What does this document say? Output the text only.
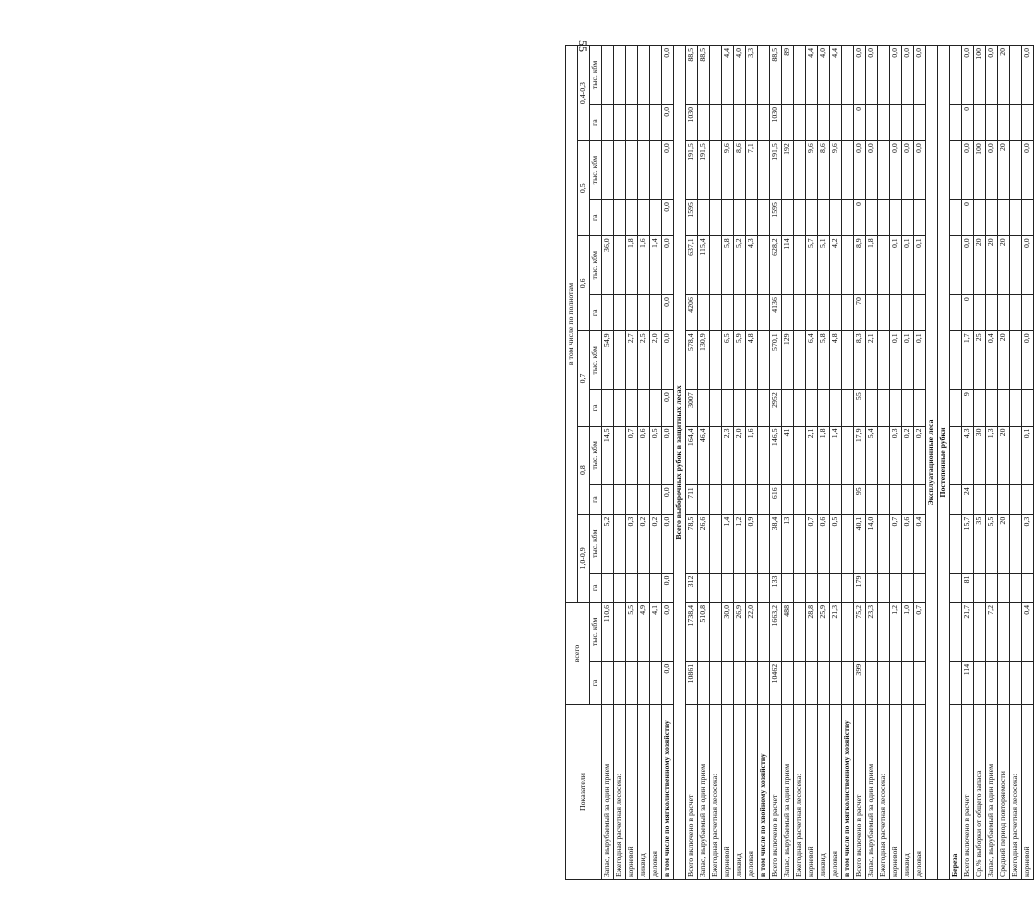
55
Показатели	всего		в том числе по полнотам											
			1,0-0,9		0,8		0,7		0,6		0,5		0,4-0,3	
	га	тыс. кбм	га	тыс. кбм	га	тыс. кбм	га	тыс. кбм	га	тыс. кбм	га	тыс. кбм	га	тыс. кбм
Запас, вырубаемый за один прием		110,6		5,2		14,5		54,9		36,0				
Ежегодная расчетная лесосека:														
корневой		5,5		0,3		0,7		2,7		1,8				
ликвид		4,9		0,2		0,6		2,5		1,6				
деловая		4,1		0,2		0,5		2,0		1,4				
в том числе по мягколиственному хозяйству	0,0	0,0	0,0	0,0	0,0	0,0	0,0	0,0	0,0	0,0	0,0	0,0	0,0	0,0
Всего выборочных рубок в защитных лесах														
Всего включено в расчет	10861	1738,4	312	78,5	711	164,4	3007	578,4	4206	637,1	1595	191,5	1030	88,5
Запас, вырубаемый за один прием		510,8		26,6		46,4		130,9		115,4		191,5		88,5
Ежегодная расчетная лесосека:														
корневой		30,0		1,4		2,3		6,5		5,8		9,6		4,4
ликвид		26,9		1,2		2,0		5,9		5,2		8,6		4,0
деловая		22,0		0,9		1,6		4,8		4,3		7,1		3,3
в том числе по хвойному хозяйству														
Всего включено в расчет	10462	1663,2	133	38,4	616	146,5	2952	570,1	4136	628,2	1595	191,5	1030	88,5
Запас, вырубаемый за один прием		488		13		41		129		114		192		89
Ежегодная расчетная лесосека:														
корневой		28,8		0,7		2,1		6,4		5,7		9,6		4,4
ликвид		25,9		0,6		1,8		5,8		5,1		8,6		4,0
деловая		21,3		0,5		1,4		4,8		4,2		9,6		4,4
в том числе по мягколиственному хозяйству														
Всего включено в расчет	399	75,2	179	40,1	95	17,9	55	8,3	70	8,9	0	0,0	0	0,0
Запас, вырубаемый за один прием		23,3		14,0		5,4		2,1		1,8		0,0		0,0
Ежегодная расчетная лесосека:														
корневой		1,2		0,7		0,3		0,1		0,1		0,0		0,0
ликвид		1,0		0,6		0,2		0,1		0,1		0,0		0,0
деловая		0,7		0,4		0,2		0,1		0,1		0,0		0,0
Эксплуатационные леса														
Постепенные рубки														
Береза														
Всего включено в расчет	114	21,7	81	15,7	24	4,3	9	1,7	0	0,0	0	0,0	0	0,0
Ср.% выборки от общего запаса				35		30		25		20		100		100
Запас, вырубаемый за один прием		7,2		5,5		1,3		0,4		20		0,0		0,0
Средний период повторяемости				20		20		20		20		20		20
Ежегодная расчетная лесосека:														
корневой		0,4		0,3		0,1		0,0		0,0		0,0		0,0
